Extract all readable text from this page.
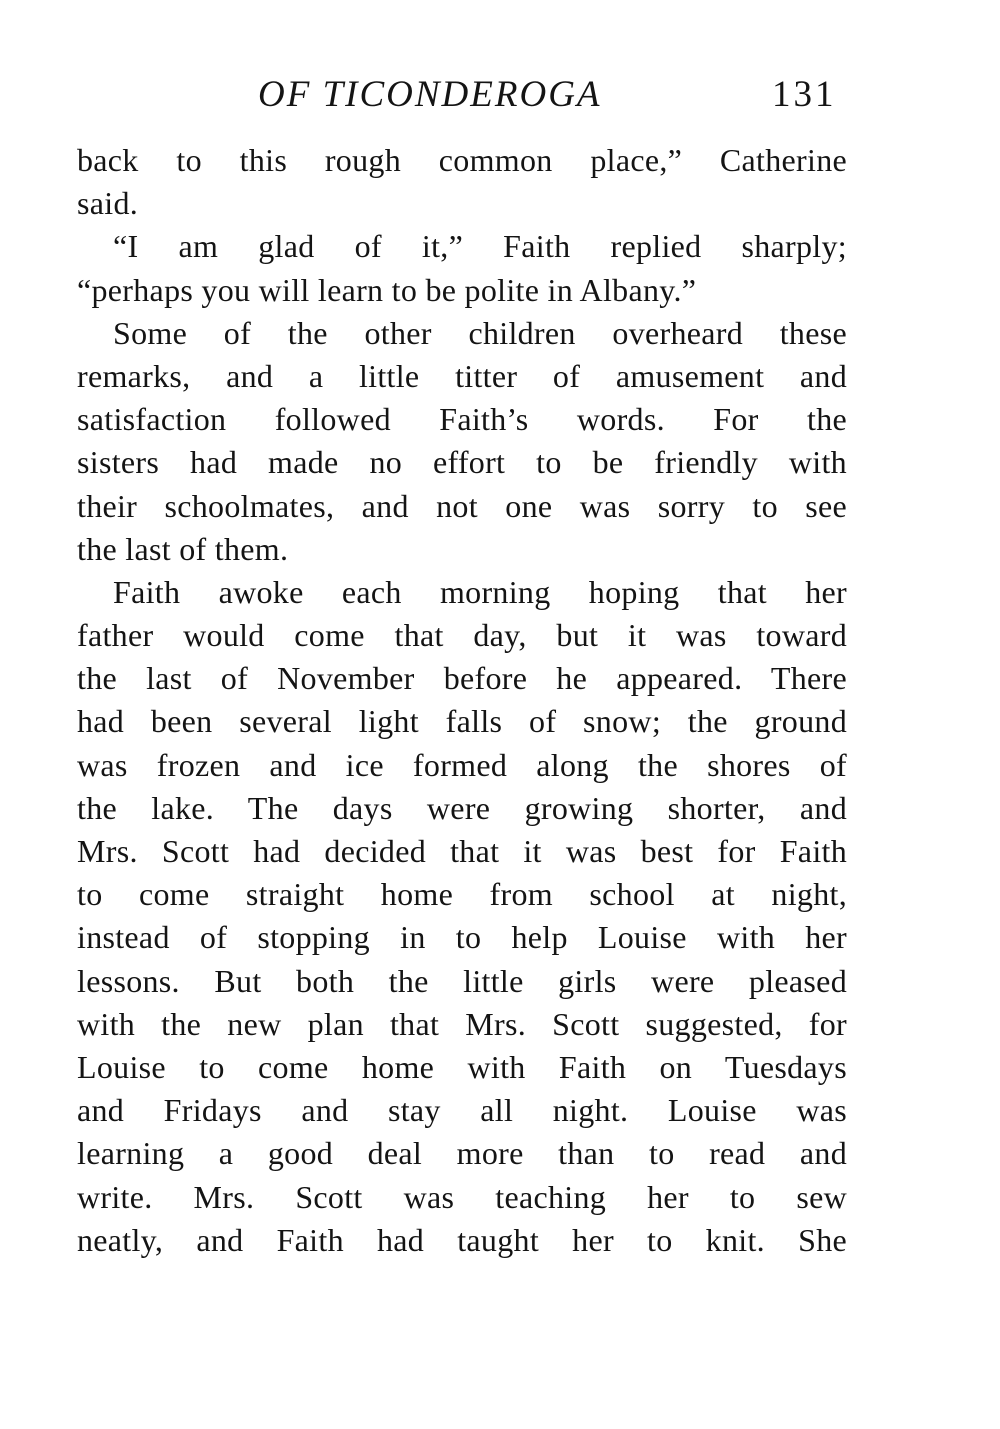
OF TICONDEROGA	131
back to this rough common place,” Catherine
said.
“I am glad of it,” Faith replied sharply;
“perhaps you will learn to be polite in Albany.”
Some of the other children overheard these
remarks, and a little titter of amusement and
satisfaction followed Faith’s words. For the
sisters had made no effort to be friendly with
their schoolmates, and not one was sorry to see
the last of them.
Faith awoke each morning hoping that her
father would come that day, but it was toward
the last of November before he appeared. There
had been several light falls of snow; the ground
was frozen and ice formed along the shores of
the lake. The days were growing shorter, and
Mrs. Scott had decided that it was best for Faith
to come straight home from school at night,
instead of stopping in to help Louise with her
lessons. But both the little girls were pleased
with the new plan that Mrs. Scott suggested, for
Louise to come home with Faith on Tuesdays
and Fridays and stay all night. Louise was
learning a good deal more than to read and
write. Mrs. Scott was teaching her to sew
neatly, and Faith had taught her to knit. She
